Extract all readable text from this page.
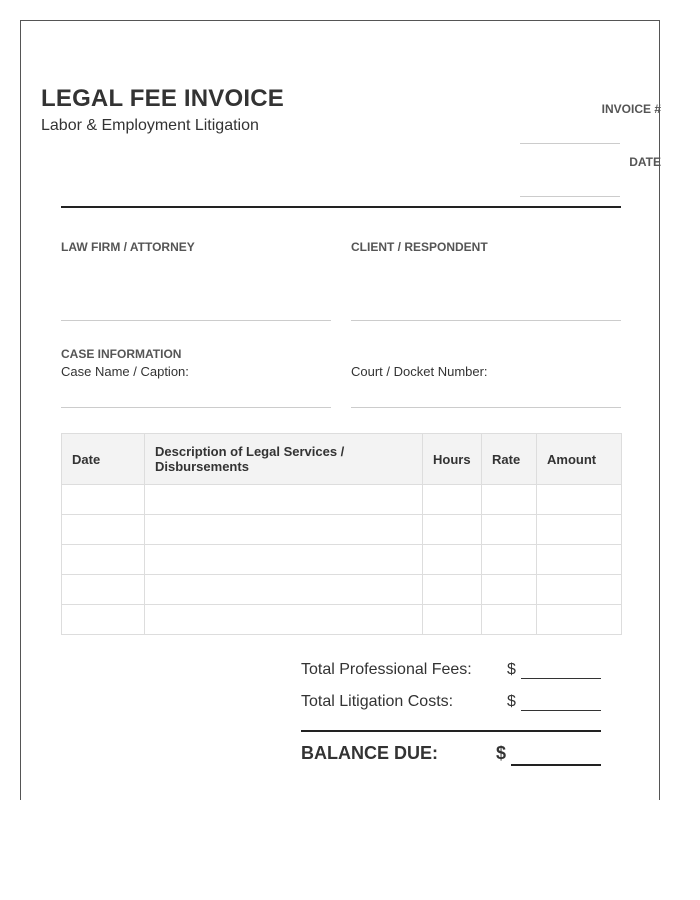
LEGAL FEE INVOICE
Labor & Employment Litigation
INVOICE #
DATE
LAW FIRM / ATTORNEY	CLIENT / RESPONDENT
CASE INFORMATION
Case Name / Caption:	Court / Docket Number:
Date	Description of Legal Services / Disbursements	Hours	Rate	Amount

Total Professional Fees: $
Total Litigation Costs:	$
BALANCE DUE:	$
